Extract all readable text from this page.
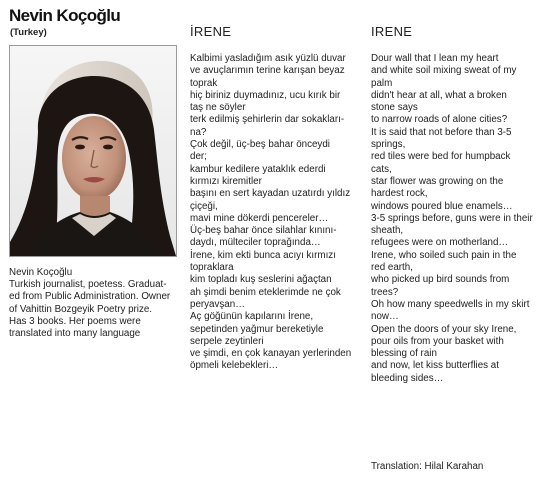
Nevin Koçoğlu
(Turkey)
Nevin Koçoğlu
Turkish journalist, poetess. Graduat-
ed from Public Administration. Owner
of Vahittin Bozgeyik Poetry prize.
Has 3 books. Her poems were
translated into many language
İRENE	IRENE
Kalbimi yasladığım asık yüzlü duvar
ve avuçlarımın terine karışan beyaz
toprak
hiç biriniz duymadınız, ucu kırık bir
taş ne söyler
terk edilmiş şehirlerin dar sokakları-
na?
Çok değil, üç-beş bahar önceydi
der;
kambur kedilere yataklık ederdi
kırmızı kiremitler
başını en sert kayadan uzatırdı yıldız
çiçeği,
mavi mine dökerdi pencereler…
Üç-beş bahar önce silahlar kınını-
daydı, mülteciler toprağında…
İrene, kim ekti bunca acıyı kırmızı
topraklara
kim topladı kuş seslerini ağaçtan
ah şimdi benim eteklerimde ne çok
peryavşan…
Aç göğünün kapılarını İrene,
sepetinden yağmur bereketiyle
serpele zeytinleri
ve şimdi, en çok kanayan yerlerinden
öpmeli kelebekleri…
Dour wall that I lean my heart
and white soil mixing sweat of my
palm
didn't hear at all, what a broken
stone says
to narrow roads of alone cities?
It is said that not before than 3-5
springs,
red tiles were bed for humpback
cats,
star flower was growing on the
hardest rock,
windows poured blue enamels…
3-5 springs before, guns were in their
sheath,
refugees were on motherland…
Irene, who soiled such pain in the
red earth,
who picked up bird sounds from
trees?
Oh how many speedwells in my skirt
now…
Open the doors of your sky Irene,
pour oils from your basket with
blessing of rain
and now, let kiss butterflies at
bleeding sides…
Translation: Hilal Karahan
